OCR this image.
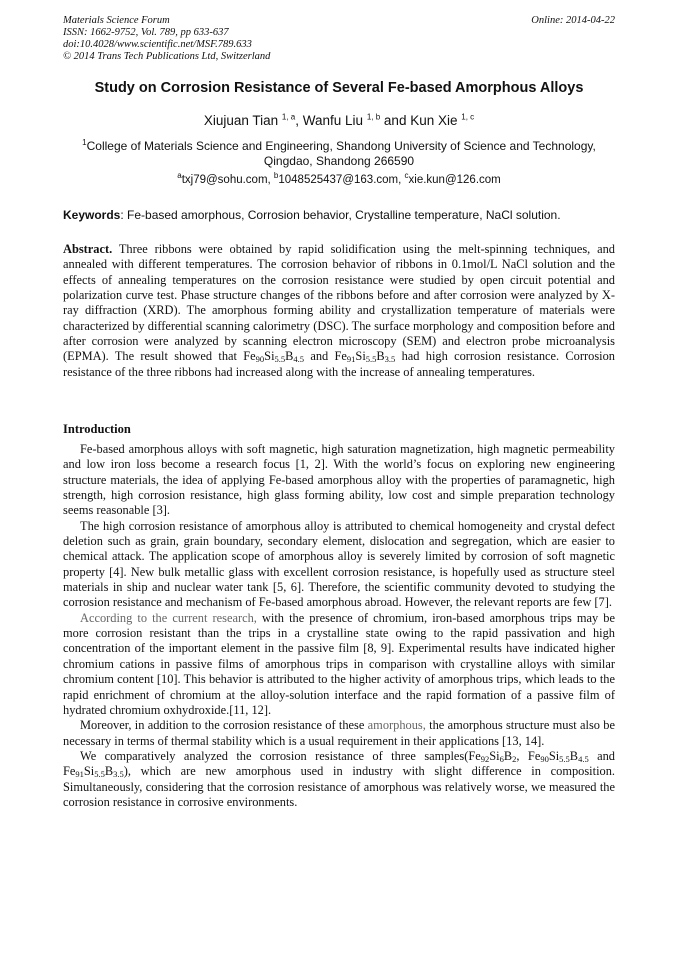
Materials Science Forum
ISSN: 1662-9752, Vol. 789, pp 633-637
doi:10.4028/www.scientific.net/MSF.789.633
© 2014 Trans Tech Publications Ltd, Switzerland
Online: 2014-04-22
Study on Corrosion Resistance of Several Fe-based Amorphous Alloys
Xiujuan Tian $^{1, a}$, Wanfu Liu $^{1, b}$ and Kun Xie $^{1, c}$
$^1$College of Materials Science and Engineering, Shandong University of Science and Technology, Qingdao, Shandong 266590
$^a$txj79@sohu.com, $^b$1048525437@163.com, $^c$xie.kun@126.com
Keywords: Fe-based amorphous, Corrosion behavior, Crystalline temperature, NaCl solution.
Abstract. Three ribbons were obtained by rapid solidification using the melt-spinning techniques, and annealed with different temperatures. The corrosion behavior of ribbons in 0.1mol/L NaCl solution and the effects of annealing temperatures on the corrosion resistance were studied by open circuit potential and polarization curve test. Phase structure changes of the ribbons before and after corrosion were analyzed by X-ray diffraction (XRD). The amorphous forming ability and crystallization temperature of materials were characterized by differential scanning calorimetry (DSC). The surface morphology and composition before and after corrosion were analyzed by scanning electron microscopy (SEM) and electron probe microanalysis (EPMA). The result showed that $Fe_{90}Si_{5.5}B_{4.5}$ and $Fe_{91}Si_{5.5}B_{3.5}$ had high corrosion resistance. Corrosion resistance of the three ribbons had increased along with the increase of annealing temperatures.
Introduction

Fe-based amorphous alloys with soft magnetic, high saturation magnetization, high magnetic permeability and low iron loss become a research focus [1, 2]. With the world’s focus on exploring new engineering structure materials, the idea of applying Fe-based amorphous alloy with the properties of paramagnetic, high strength, high corrosion resistance, high glass forming ability, low cost and simple preparation technology seems reasonable [3].

The high corrosion resistance of amorphous alloy is attributed to chemical homogeneity and crystal defect deletion such as grain, grain boundary, secondary element, dislocation and segregation, which are easier to chemical attack. The application scope of amorphous alloy is severely limited by corrosion of soft magnetic property [4]. New bulk metallic glass with excellent corrosion resistance, is hopefully used as structure steel materials in ship and nuclear water tank [5, 6]. Therefore, the scientific community devoted to studying the corrosion resistance and mechanism of Fe-based amorphous abroad. However, the relevant reports are few [7].

According to the current research, with the presence of chromium, iron-based amorphous trips may be more corrosion resistant than the trips in a crystalline state owing to the rapid passivation and high concentration of the important element in the passive film [8, 9]. Experimental results have indicated higher chromium cations in passive films of amorphous trips in comparison with crystalline alloys with similar chromium content [10]. This behavior is attributed to the higher activity of amorphous trips, which leads to the rapid enrichment of chromium at the alloy-solution interface and the rapid formation of a passive film of hydrated chromium oxhydroxide.[11, 12].

Moreover, in addition to the corrosion resistance of these amorphous, the amorphous structure must also be necessary in terms of thermal stability which is a usual requirement in their applications [13, 14].

We comparatively analyzed the corrosion resistance of three $samples(Fe_{92}Si_6B_2$, $Fe_{90}Si_{5.5}B_{4.5}$ and $Fe_{91}Si_{5.5}B_{3.5}$), which are new amorphous used in industry with slight difference in composition. Simultaneously, considering that the corrosion resistance of amorphous was relatively worse, we measured the corrosion resistance in corrosive environments.
